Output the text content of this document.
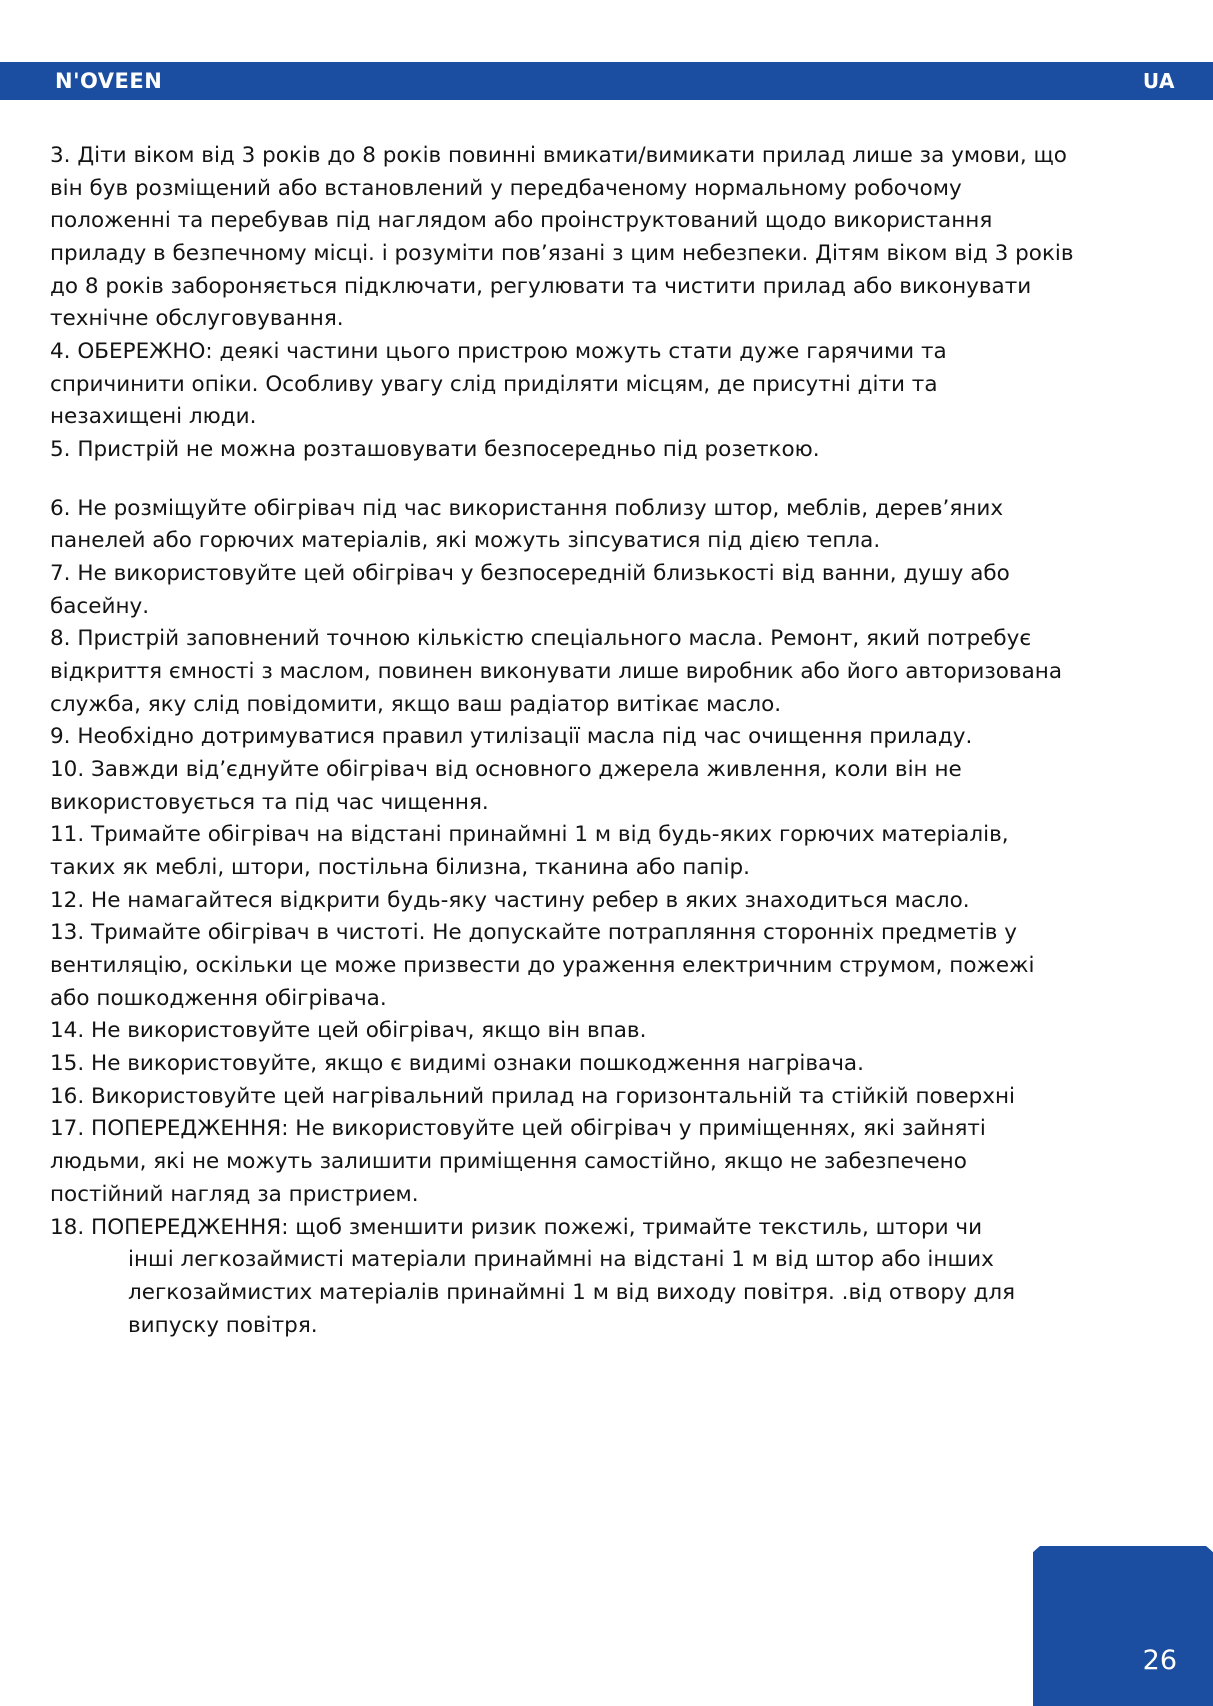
N'OVEEN	UA

3. Діти віком від 3 років до 8 років повинні вмикати/вимикати прилад лише за умови, що він був розміщений або встановлений у передбаченому нормальному робочому положенні та перебував під наглядом або проінструктований щодо використання приладу в безпечному місці. і розуміти пов’язані з цим небезпеки. Дітям віком від 3 років до 8 років забороняється підключати, регулювати та чистити прилад або виконувати технічне обслуговування.

4. ОБЕРЕЖНО: деякі частини цього пристрою можуть стати дуже гарячими та спричинити опіки. Особливу увагу слід приділяти місцям, де присутні діти та незахищені люди.

5. Пристрій не можна розташовувати безпосередньо під розеткою.

6. Не розміщуйте обігрівач під час використання поблизу штор, меблів, дерев’яних панелей або горючих матеріалів, які можуть зіпсуватися під дією тепла.

7. Не використовуйте цей обігрівач у безпосередній близькості від ванни, душу або басейну.

8. Пристрій заповнений точною кількістю спеціального масла. Ремонт, який потребує відкриття ємності з маслом, повинен виконувати лише виробник або його авторизована служба, яку слід повідомити, якщо ваш радіатор витікає масло.

9. Необхідно дотримуватися правил утилізації масла під час очищення приладу.

10. Завжди від’єднуйте обігрівач від основного джерела живлення, коли він не використовується та під час чищення.

11. Тримайте обігрівач на відстані принаймні 1 м від будь-яких горючих матеріалів, таких як меблі, штори, постільна білизна, тканина або папір.

12. Не намагайтеся відкрити будь-яку частину ребер в яких знаходиться масло.

13. Тримайте обігрівач в чистоті. Не допускайте потрапляння сторонніх предметів у вентиляцію, оскільки це може призвести до ураження електричним струмом, пожежі або пошкодження обігрівача.

14. Не використовуйте цей обігрівач, якщо він впав.

15. Не використовуйте, якщо є видимі ознаки пошкодження нагрівача.

16. Використовуйте цей нагрівальний прилад на горизонтальній та стійкій поверхні

17. ПОПЕРЕДЖЕННЯ: Не використовуйте цей обігрівач у приміщеннях, які зайняті людьми, які не можуть залишити приміщення самостійно, якщо не забезпечено постійний нагляд за пристрием.

18. ПОПЕРЕДЖЕННЯ: щоб зменшити ризик пожежі, тримайте текстиль, штори чи
інші легкозаймисті матеріали принаймні на відстані 1 м від штор або інших легкозаймистих матеріалів принаймні 1 м від виходу повітря. .від отвору для випуску повітря.

26
